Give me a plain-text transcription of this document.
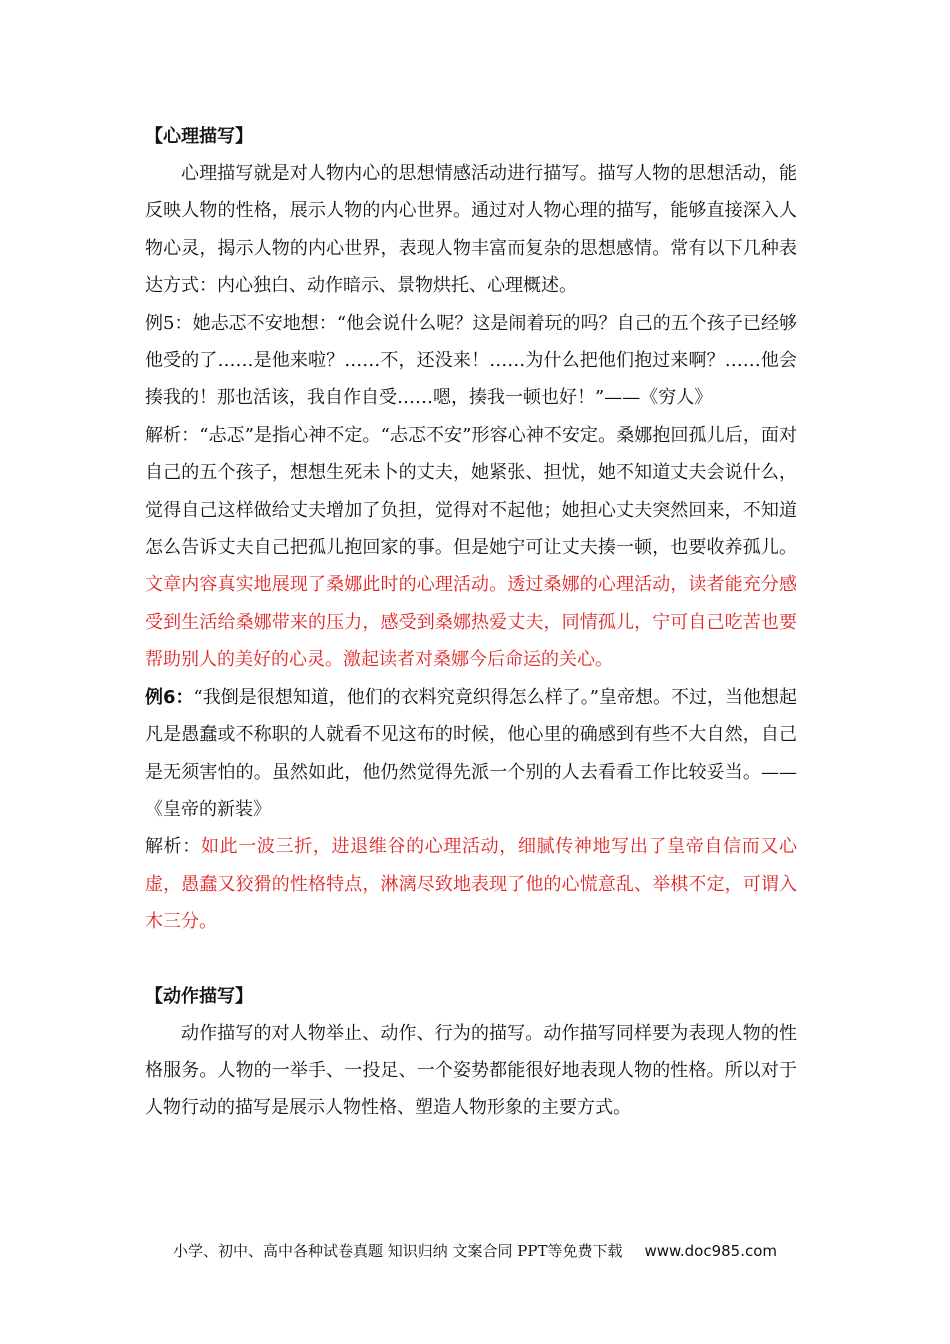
【心理描写】

心理描写就是对人物内心的思想情感活动进行描写。描写人物的思想活动，能反映人物的性格，展示人物的内心世界。通过对人物心理的描写，能够直接深入人物心灵，揭示人物的内心世界，表现人物丰富而复杂的思想感情。常有以下几种表达方式：内心独白、动作暗示、景物烘托、心理概述。

例5：她忐忑不安地想：“他会说什么呢？这是闹着玩的吗？自己的五个孩子已经够他受的了……是他来啦？……不，还没来！……为什么把他们抱过来啊？……他会揍我的！那也活该，我自作自受……嗯，揍我一顿也好！”——《穷人》

解析：“忐忑”是指心神不定。“忐忑不安”形容心神不安定。桑娜抱回孤儿后，面对自己的五个孩子，想想生死未卜的丈夫，她紧张、担忧，她不知道丈夫会说什么，觉得自己这样做给丈夫增加了负担，觉得对不起他；她担心丈夫突然回来，不知道怎么告诉丈夫自己把孤儿抱回家的事。但是她宁可让丈夫揍一顿，也要收养孤儿。文章内容真实地展现了桑娜此时的心理活动。透过桑娜的心理活动，读者能充分感受到生活给桑娜带来的压力，感受到桑娜热爱丈夫，同情孤儿，宁可自己吃苦也要帮助别人的美好的心灵。激起读者对桑娜今后命运的关心。

例6：“我倒是很想知道，他们的衣料究竟织得怎么样了。”皇帝想。不过，当他想起凡是愚蠢或不称职的人就看不见这布的时候，他心里的确感到有些不大自然，自己是无须害怕的。虽然如此，他仍然觉得先派一个别的人去看看工作比较妥当。——《皇帝的新装》

解析：如此一波三折，进退维谷的心理活动，细腻传神地写出了皇帝自信而又心虚，愚蠢又狡猾的性格特点，淋漓尽致地表现了他的心慌意乱、举棋不定，可谓入木三分。

【动作描写】

动作描写的对人物举止、动作、行为的描写。动作描写同样要为表现人物的性格服务。人物的一举手、一投足、一个姿势都能很好地表现人物的性格。所以对于人物行动的描写是展示人物性格、塑造人物形象的主要方式。

小学、初中、高中各种试卷真题 知识归纳 文案合同 PPT等免费下载 www.doc985.com
